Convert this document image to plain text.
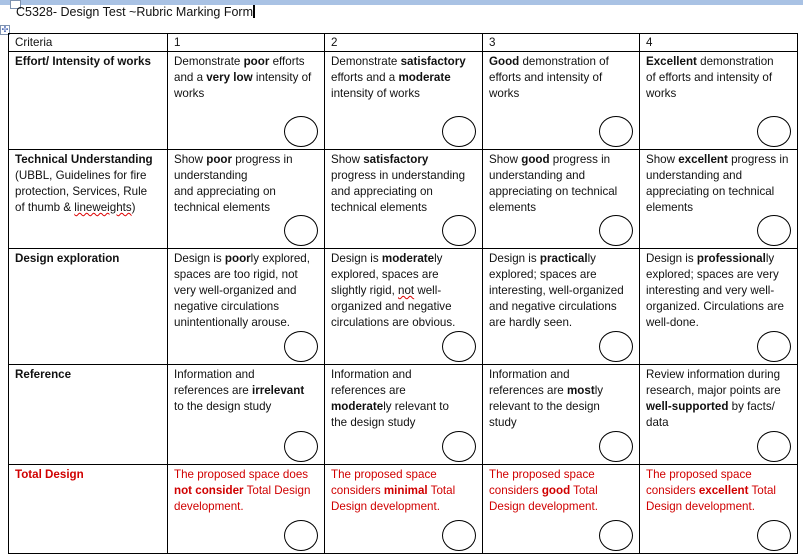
C5328- Design Test ~Rubric Marking Form
✣
Criteria	1	2	3	4

Effort/ Intensity of works	Demonstrate poor efforts
and a very low intensity of
works	Demonstrate satisfactory
efforts and a moderate
intensity of works	Good demonstration of
efforts and intensity of
works	Excellent demonstration
of efforts and intensity of
works

Technical Understanding
(UBBL, Guidelines for fire
protection, Services, Rule
of thumb & lineweights)	Show poor progress in
understanding
and appreciating on
technical elements	Show satisfactory
progress in understanding
and appreciating on
technical elements	Show good progress in
understanding and
appreciating on technical
elements	Show excellent progress in
understanding and
appreciating on technical
elements

Design exploration	Design is poorly explored,
spaces are too rigid, not
very well-organized and
negative circulations
unintentionally arouse.	Design is moderately
explored, spaces are
slightly rigid, not well-
organized and negative
circulations are obvious.	Design is practically
explored; spaces are
interesting, well-organized
and negative circulations
are hardly seen.	Design is professionally
explored; spaces are very
interesting and very well-
organized. Circulations are
well-done.

Reference	Information and
references are irrelevant
to the design study	Information and
references are
moderately relevant to
the design study	Information and
references are mostly
relevant to the design
study	Review information during
research, major points are
well-supported by facts/
data

Total Design	The proposed space does
not consider Total Design
development.	The proposed space
considers minimal Total
Design development.	The proposed space
considers good Total
Design development.	The proposed space
considers excellent Total
Design development.
